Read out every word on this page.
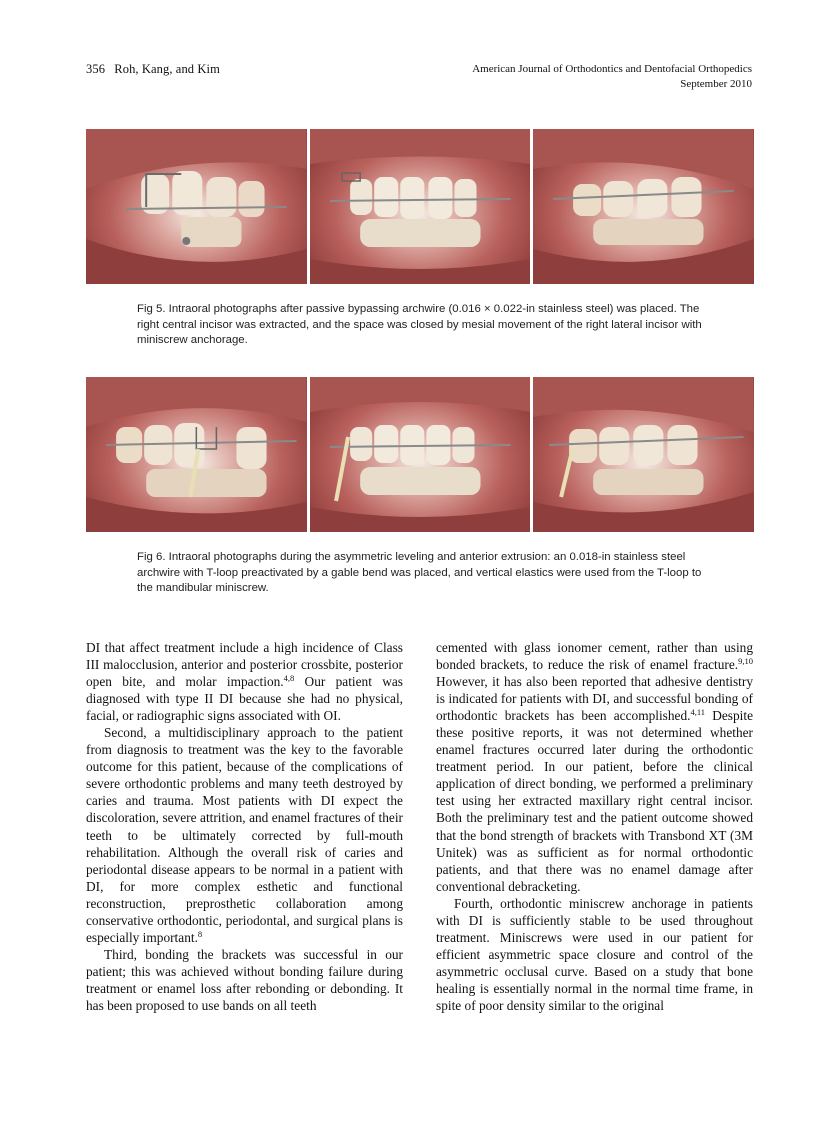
356 Roh, Kang, and Kim	American Journal of Orthodontics and Dentofacial Orthopedics
September 2010
Fig 5. Intraoral photographs after passive bypassing archwire (0.016 × 0.022-in stainless steel) was placed. The right central incisor was extracted, and the space was closed by mesial movement of the right lateral incisor with miniscrew anchorage.
Fig 6. Intraoral photographs during the asymmetric leveling and anterior extrusion: an 0.018-in stainless steel archwire with T-loop preactivated by a gable bend was placed, and vertical elastics were used from the T-loop to the mandibular miniscrew.

DI that affect treatment include a high incidence of Class III malocclusion, anterior and posterior crossbite, posterior open bite, and molar impaction.$^{4,8}$ Our patient was diagnosed with type II DI because she had no physical, facial, or radiographic signs associated with OI.

Second, a multidisciplinary approach to the patient from diagnosis to treatment was the key to the favorable outcome for this patient, because of the complications of severe orthodontic problems and many teeth destroyed by caries and trauma. Most patients with DI expect the discoloration, severe attrition, and enamel fractures of their teeth to be ultimately corrected by full-mouth rehabilitation. Although the overall risk of caries and periodontal disease appears to be normal in a patient with DI, for more complex esthetic and functional reconstruction, preprosthetic collaboration among conservative orthodontic, periodontal, and surgical plans is especially important.$^8$

Third, bonding the brackets was successful in our patient; this was achieved without bonding failure during treatment or enamel loss after rebonding or debonding. It has been proposed to use bands on all teeth

cemented with glass ionomer cement, rather than using bonded brackets, to reduce the risk of enamel fracture.$^{9,10}$ However, it has also been reported that adhesive dentistry is indicated for patients with DI, and successful bonding of orthodontic brackets has been accomplished.$^{4,11}$ Despite these positive reports, it was not determined whether enamel fractures occurred later during the orthodontic treatment period. In our patient, before the clinical application of direct bonding, we performed a preliminary test using her extracted maxillary right central incisor. Both the preliminary test and the patient outcome showed that the bond strength of brackets with Transbond XT (3M Unitek) was as sufficient as for normal orthodontic patients, and that there was no enamel damage after conventional debracketing.

Fourth, orthodontic miniscrew anchorage in patients with DI is sufficiently stable to be used throughout treatment. Miniscrews were used in our patient for efficient asymmetric space closure and control of the asymmetric occlusal curve. Based on a study that bone healing is essentially normal in the normal time frame, in spite of poor density similar to the original
